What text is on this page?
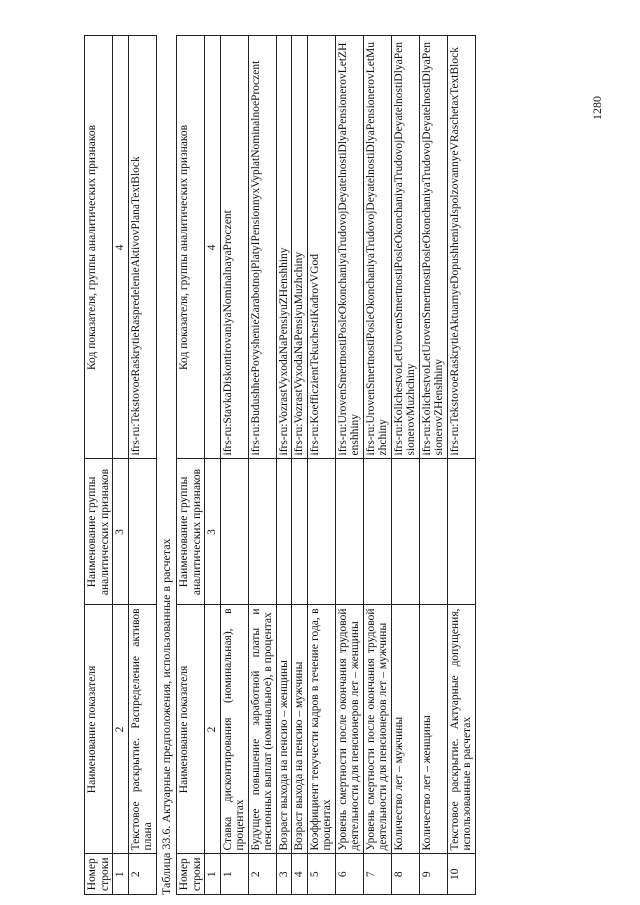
Номер строки	Наименование показателя	Наименование группы аналитических признаков	Код показателя, группы аналитических признаков
1	2	3	4
2	Текстовое раскрытие. Распределение активов плана		ifrs-ru:TekstovoeRaskrytieRaspredelenieAktivovPlanaTextBlock
Таблица 33.6. Актуарные предположения, использованные в расчетах Номер строки	Наименование показателя	Наименование группы аналитических признаков	Код показателя, группы аналитических признаков
1	2	3	4
1	Ставка дисконтирования (номинальная), в процентах		ifrs-ru:StavkaDiskontirovaniyaNominalnayaProczent
2	Будущее повышение заработной платы и пенсионных выплат (номинальное), в процентах		ifrs-ru:BudushheePovyshenieZarabotnojPlatyIPensionnyxVyplatNominalnoeProczent
3	Возраст выхода на пенсию – женщины		ifrs-ru:VozrastVyxodaNaPensiyuZHenshhiny
4	Возраст выхода на пенсию – мужчины		ifrs-ru:VozrastVyxodaNaPensiyuMuzhchiny
5	Коэффициент текучести кадров в течение года, в процентах		ifrs-ru:KoefficzientTekuchestiKadrovVGod
6	Уровень смертности после окончания трудовой деятельности для пенсионеров лет – женщины		ifrs-ru:UrovenSmertnostiPosleOkonchaniyaTrudovojDeyatelnostiDlyaPensionerovLetZHenshhiny
7	Уровень смертности после окончания трудовой деятельности для пенсионеров лет – мужчины		ifrs-ru:UrovenSmertnostiPosleOkonchaniyaTrudovojDeyatelnostiDlyaPensionerovLetMuzhchiny
8	Количество лет – мужчины		ifrs-ru:KolichestvoLetUrovenSmertnostiPosleOkonchaniyaTrudovojDeyatelnostiDlyaPensionerovMuzhchiny
9	Количество лет – женщины		ifrs-ru:KolichestvoLetUrovenSmertnostiPosleOkonchaniyaTrudovojDeyatelnostiDlyaPensionerovZHenshhiny
10	Текстовое раскрытие. Актуарные допущения, использованные в расчетах		ifrs-ru:TekstovoeRaskrytieAktuarnyeDopushheniyaIspolzovannyeVRaschetaxTextBlock	1280
